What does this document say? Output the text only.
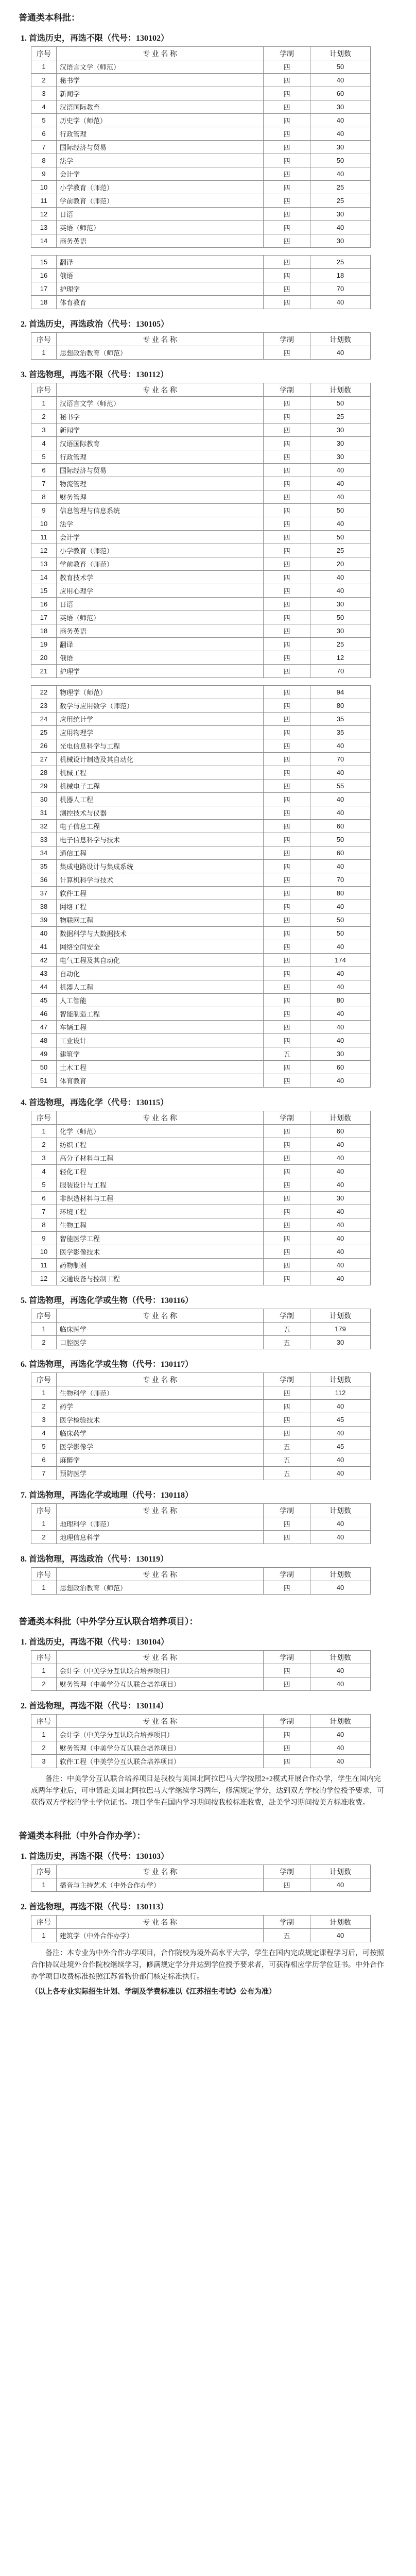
普通类本科批：
1. 首选历史，再选不限（代号：130102）
序号	专 业 名 称	学制	计划数
1	汉语言文学（师范）	四	50
2	秘书学	四	40
3	新闻学	四	60
4	汉语国际教育	四	30
5	历史学（师范）	四	40
6	行政管理	四	40
7	国际经济与贸易	四	30
8	法学	四	50
9	会计学	四	40
10	小学教育（师范）	四	25
11	学前教育（师范）	四	25
12	日语	四	30
13	英语（师范）	四	40
14	商务英语	四	30

15	翻译	四	25
16	俄语	四	18
17	护理学	四	70
18	体育教育	四	40
2. 首选历史，再选政治（代号：130105）
序号	专 业 名 称	学制	计划数
1	思想政治教育（师范）	四	40
3. 首选物理，再选不限（代号：130112）
序号	专 业 名 称	学制	计划数
1	汉语言文学（师范）	四	50
2	秘书学	四	25
3	新闻学	四	30
4	汉语国际教育	四	30
5	行政管理	四	30
6	国际经济与贸易	四	40
7	物流管理	四	40
8	财务管理	四	40
9	信息管理与信息系统	四	50
10	法学	四	40
11	会计学	四	50
12	小学教育（师范）	四	25
13	学前教育（师范）	四	20
14	教育技术学	四	40
15	应用心理学	四	40
16	日语	四	30
17	英语（师范）	四	50
18	商务英语	四	30
19	翻译	四	25
20	俄语	四	12
21	护理学	四	70

22	物理学（师范）	四	94
23	数学与应用数学（师范）	四	80
24	应用统计学	四	35
25	应用物理学	四	35
26	光电信息科学与工程	四	40
27	机械设计制造及其自动化	四	70
28	机械工程	四	40
29	机械电子工程	四	55
30	机器人工程	四	40
31	测控技术与仪器	四	40
32	电子信息工程	四	60
33	电子信息科学与技术	四	50
34	通信工程	四	60
35	集成电路设计与集成系统	四	40
36	计算机科学与技术	四	70
37	软件工程	四	80
38	网络工程	四	40
39	物联网工程	四	50
40	数据科学与大数据技术	四	50
41	网络空间安全	四	40
42	电气工程及其自动化	四	174
43	自动化	四	40
44	机器人工程	四	40
45	人工智能	四	80
46	智能制造工程	四	40
47	车辆工程	四	40
48	工业设计	四	40
49	建筑学	五	30
50	土木工程	四	60
51	体育教育	四	40
4. 首选物理，再选化学（代号：130115）
序号	专 业 名 称	学制	计划数
1	化学（师范）	四	60
2	纺织工程	四	40
3	高分子材料与工程	四	40
4	轻化工程	四	40
5	服装设计与工程	四	40
6	非织造材料与工程	四	30
7	环境工程	四	40
8	生物工程	四	40
9	智能医学工程	四	40
10	医学影像技术	四	40
11	药物制剂	四	40
12	交通设备与控制工程	四	40
5. 首选物理，再选化学或生物（代号：130116）
序号	专 业 名 称	学制	计划数
1	临床医学	五	179
2	口腔医学	五	30
6. 首选物理，再选化学或生物（代号：130117）
序号	专 业 名 称	学制	计划数
1	生物科学（师范）	四	112
2	药学	四	40
3	医学检验技术	四	45
4	临床药学	四	40
5	医学影像学	五	45
6	麻醉学	五	40
7	预防医学	五	40
7. 首选物理，再选化学或地理（代号：130118）
序号	专 业 名 称	学制	计划数
1	地理科学（师范）	四	40
2	地理信息科学	四	40
8. 首选物理，再选政治（代号：130119）
序号	专 业 名 称	学制	计划数
1	思想政治教育（师范）	四	40
普通类本科批（中外学分互认联合培养项目）：
1. 首选历史，再选不限（代号：130104）
序号	专 业 名 称	学制	计划数
1	会计学（中美学分互认联合培养项目）	四	40
2	财务管理（中美学分互认联合培养项目）	四	40
2. 首选物理，再选不限（代号：130114）
序号	专 业 名 称	学制	计划数
1	会计学（中美学分互认联合培养项目）	四	40
2	财务管理（中美学分互认联合培养项目）	四	40
3	软件工程（中美学分互认联合培养项目）	四	40
备注：中美学分互认联合培养项目是我校与美国北阿拉巴马大学按照2+2模式开展合作办学，学生在国内完成两年学业后，可申请赴美国北阿拉巴马大学继续学习两年，修满规定学分，达到双方学校的学位授予要求，可获得双方学校的学士学位证书。项目学生在国内学习期间按我校标准收费，赴美学习期间按美方标准收费。
普通类本科批（中外合作办学）：
1. 首选历史，再选不限（代号：130103）
序号	专 业 名 称	学制	计划数
1	播音与主持艺术（中外合作办学）	四	40
2. 首选物理，再选不限（代号：130113）
序号	专 业 名 称	学制	计划数
1	建筑学（中外合作办学）	五	40
备注：本专业为中外合作办学项目，合作院校为境外高水平大学，学生在国内完成规定课程学习后，可按照合作协议赴境外合作院校继续学习，修满规定学分并达到学位授予要求者，可获得相应学历学位证书。中外合作办学项目收费标准按照江苏省物价部门核定标准执行。
（以上各专业实际招生计划、学制及学费标准以《江苏招生考试》公布为准）
